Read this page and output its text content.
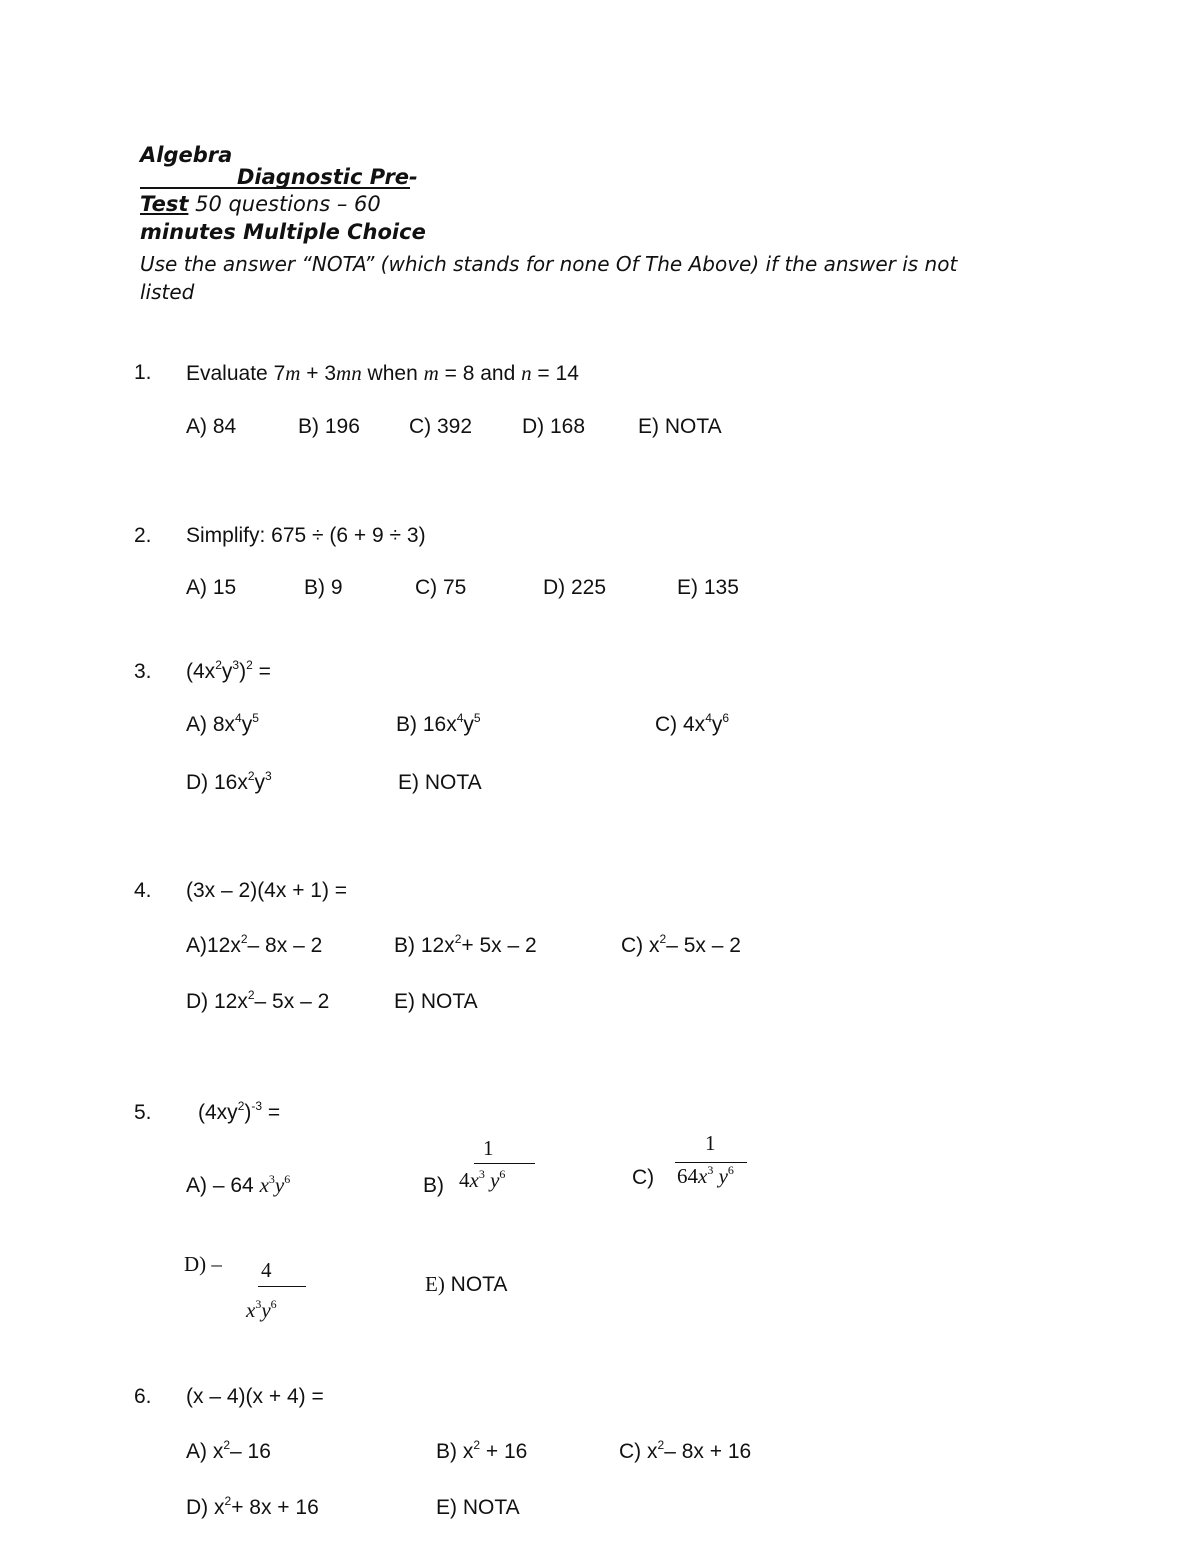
Algebra
Diagnostic Pre-
Test 50 questions – 60
minutes Multiple Choice
Use the answer “NOTA” (which stands for none Of The Above) if the answer is not
listed
1. Evaluate 7m + 3mn when m = 8 and n = 14
A) 84	B) 196 C) 392 D) 168	E) NOTA
2. Simplify: 675 ÷ (6 + 9 ÷ 3)
A) 15	B) 9	C) 75	D) 225	E) 135
3. $(4x^2y^3)^2$ =
A) $8x^4y^5$	B) $16x^4y^5$	C) $4x^4y^6$
D) $16x^2y^3$	E) NOTA
4. (3x – 2)(4x + 1) =
$A)12x^2-$ 8x – 2	B) $12x^2+ 5x - 2$	C) $x^2-$ 5x – 2
D) $12x^2-$ 5x – 2	E) NOTA
5. $(4xy^2)^{-3}$ =
A) – 64 $x^3y^6$	B)
1
$4x^3$ $y^6$	C)
1
$64x^3$ $y^6$
D) – 4
$x^3y^6$
E) NOTA
6. (x – 4)(x + 4) =
A) $x^2-$ 16	B) $x^2 + 16$	C) $x^2-$ 8x + 16
D) $x^2+ 8x + 16$	E) NOTA
